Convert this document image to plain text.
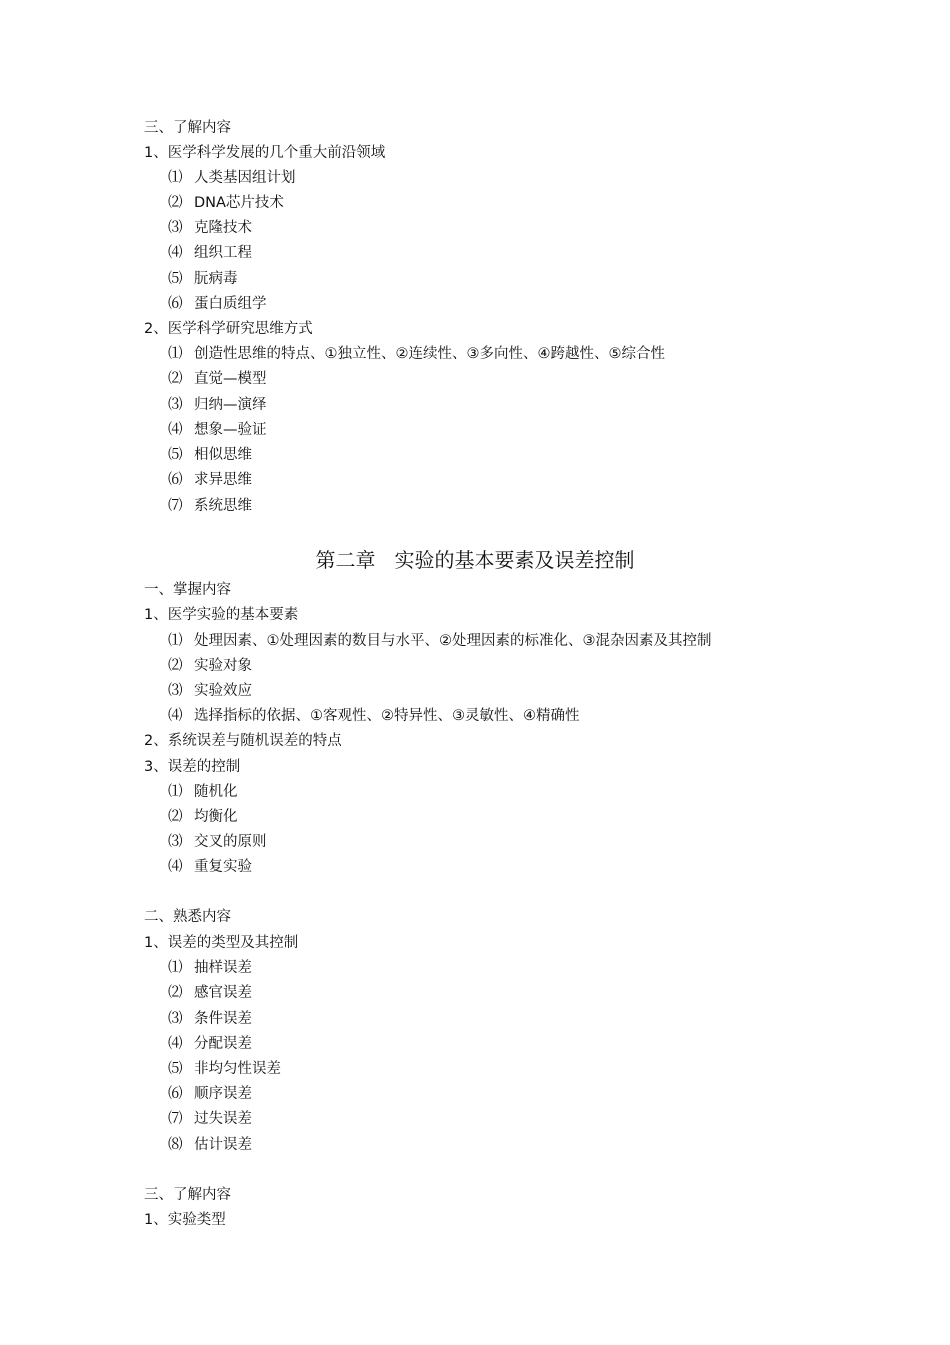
三、了解内容
1、医学科学发展的几个重大前沿领域
⑴ 人类基因组计划
⑵ DNA芯片技术
⑶ 克隆技术
⑷ 组织工程
⑸ 朊病毒
⑹ 蛋白质组学
2、医学科学研究思维方式
⑴ 创造性思维的特点、①独立性、②连续性、③多向性、④跨越性、⑤综合性
⑵ 直觉—模型
⑶ 归纳—演绎
⑷ 想象—验证
⑸ 相似思维
⑹ 求异思维
⑺ 系统思维
第二章   实验的基本要素及误差控制
一、掌握内容
1、医学实验的基本要素
⑴ 处理因素、①处理因素的数目与水平、②处理因素的标准化、③混杂因素及其控制
⑵ 实验对象
⑶ 实验效应
⑷ 选择指标的依据、①客观性、②特异性、③灵敏性、④精确性
2、系统误差与随机误差的特点
3、误差的控制
⑴ 随机化
⑵ 均衡化
⑶ 交叉的原则
⑷ 重复实验
二、熟悉内容
1、误差的类型及其控制
⑴ 抽样误差
⑵ 感官误差
⑶ 条件误差
⑷ 分配误差
⑸ 非均匀性误差
⑹ 顺序误差
⑺ 过失误差
⑻ 估计误差
三、了解内容
1、实验类型
